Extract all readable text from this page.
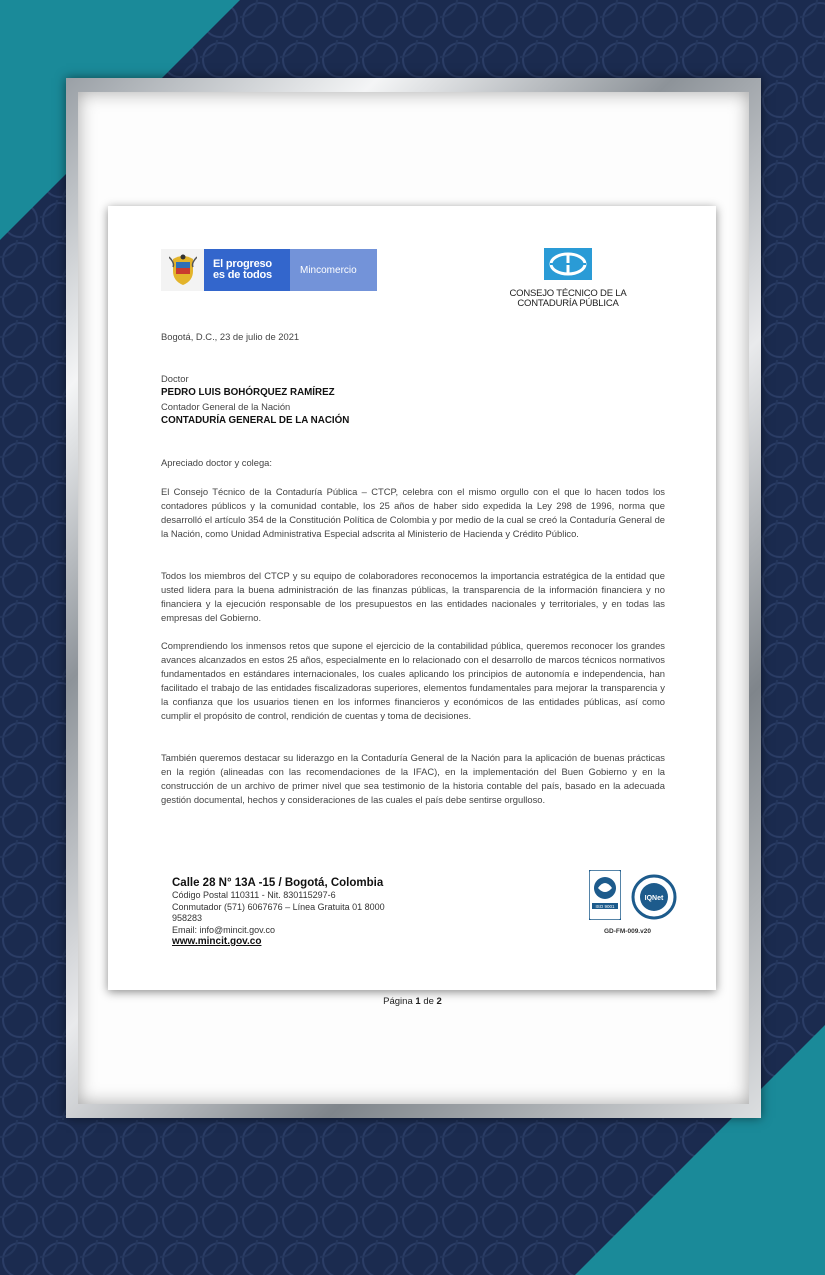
El progreso
es de todos	Mincomercio
CONSEJO TÉCNICO DE LA
CONTADURÍA PÚBLICA
Bogotá, D.C., 23 de julio de 2021
Doctor
PEDRO LUIS BOHÓRQUEZ RAMÍREZ
Contador General de la Nación
CONTADURÍA GENERAL DE LA NACIÓN
Apreciado doctor y colega:
El Consejo Técnico de la Contaduría Pública – CTCP, celebra con el mismo orgullo con el que lo hacen todos los contadores públicos y la comunidad contable, los 25 años de haber sido expedida la Ley 298 de 1996, norma que desarrolló el artículo 354 de la Constitución Política de Colombia y por medio de la cual se creó la Contaduría General de la Nación, como Unidad Administrativa Especial adscrita al Ministerio de Hacienda y Crédito Público.
Todos los miembros del CTCP y su equipo de colaboradores reconocemos la importancia estratégica de la entidad que usted lidera para la buena administración de las finanzas públicas, la transparencia de la información financiera y no financiera y la ejecución responsable de los presupuestos en las entidades nacionales y territoriales, y en todas las empresas del Gobierno.
Comprendiendo los inmensos retos que supone el ejercicio de la contabilidad pública, queremos reconocer los grandes avances alcanzados en estos 25 años, especialmente en lo relacionado con el desarrollo de marcos técnicos normativos fundamentados en estándares internacionales, los cuales aplicando los principios de autonomía e independencia, han facilitado el trabajo de las entidades fiscalizadoras superiores, elementos fundamentales para mejorar la transparencia y la confianza que los usuarios tienen en los informes financieros y económicos de las entidades públicas, así como cumplir el propósito de control, rendición de cuentas y toma de decisiones.
También queremos destacar su liderazgo en la Contaduría General de la Nación para la aplicación de buenas prácticas en la región (alineadas con las recomendaciones de la IFAC), en la implementación del Buen Gobierno y en la construcción de un archivo de primer nivel que sea testimonio de la historia contable del país, basado en la adecuada gestión documental, hechos y consideraciones de las cuales el país debe sentirse orgulloso.
Calle 28 N° 13A -15 / Bogotá, Colombia
Código Postal 110311 - Nit. 830115297-6
Conmutador (571) 6067676 – Línea Gratuita 01 8000
958283
Email: info@mincit.gov.co
www.mincit.gov.co
ISO 9001
IQNet
GD-FM-009.v20
Página 1 de 2
